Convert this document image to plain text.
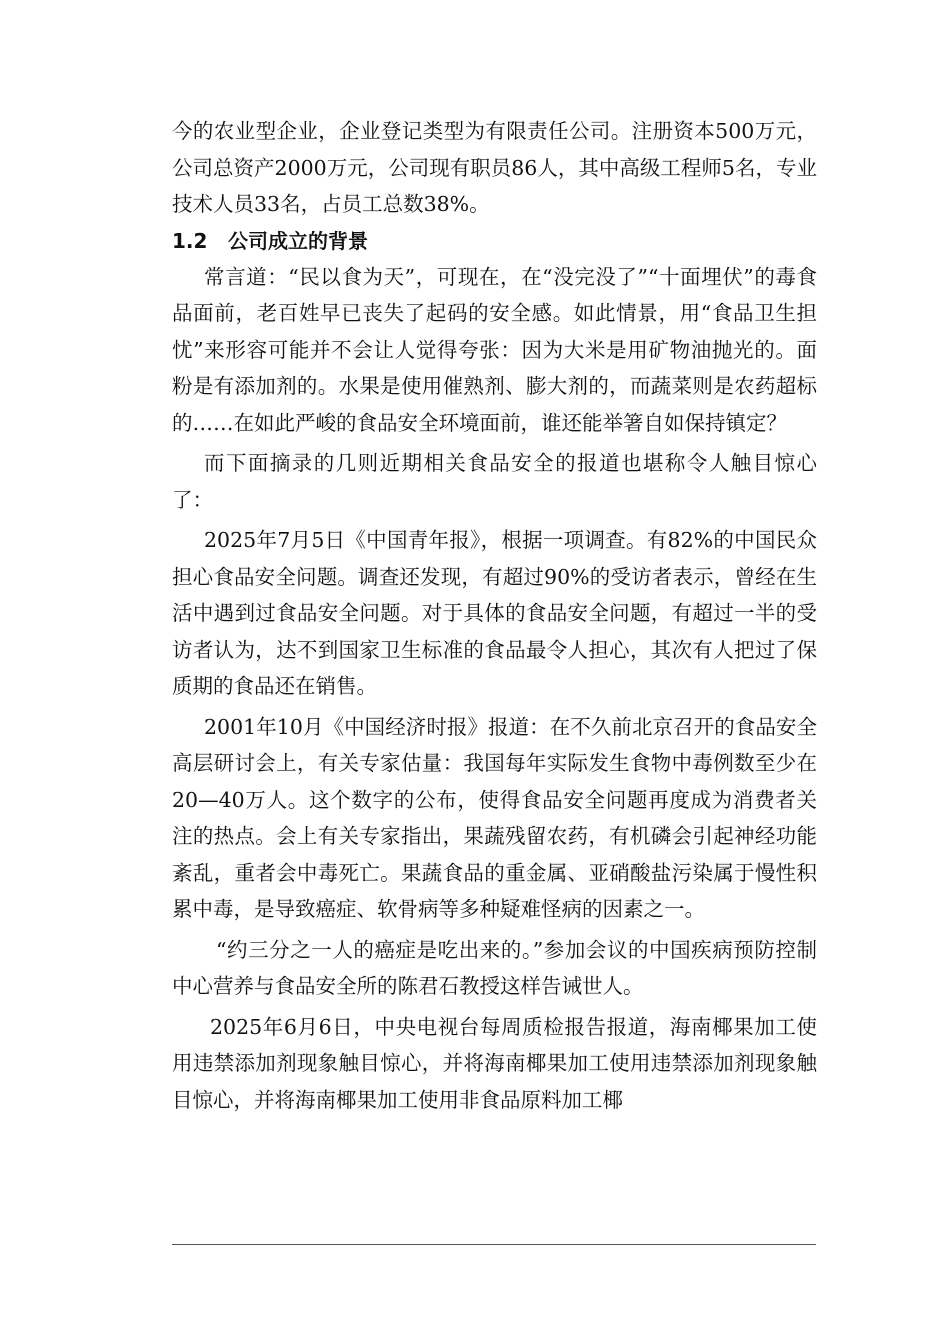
今的农业型企业，企业登记类型为有限责任公司。注册资本500万元，公司总资产2000万元，公司现有职员86人，其中高级工程师5名，专业技术人员33名，占员工总数38%。

1.2 公司成立的背景

常言道：“民以食为天”，可现在，在“没完没了”“十面埋伏”的毒食品面前，老百姓早已丧失了起码的安全感。如此情景，用“食品卫生担忧”来形容可能并不会让人觉得夸张：因为大米是用矿物油抛光的。面粉是有添加剂的。水果是使用催熟剂、膨大剂的，而蔬菜则是农药超标的……在如此严峻的食品安全环境面前，谁还能举箸自如保持镇定？

而下面摘录的几则近期相关食品安全的报道也堪称令人触目惊心了：

2025年7月5日《中国青年报》，根据一项调查。有82%的中国民众担心食品安全问题。调查还发现，有超过90%的受访者表示，曾经在生活中遇到过食品安全问题。对于具体的食品安全问题，有超过一半的受访者认为，达不到国家卫生标准的食品最令人担心，其次有人把过了保质期的食品还在销售。

2001年10月《中国经济时报》报道：在不久前北京召开的食品安全高层研讨会上，有关专家估量：我国每年实际发生食物中毒例数至少在20—40万人。这个数字的公布，使得食品安全问题再度成为消费者关注的热点。会上有关专家指出，果蔬残留农药，有机磷会引起神经功能紊乱，重者会中毒死亡。果蔬食品的重金属、亚硝酸盐污染属于慢性积累中毒，是导致癌症、软骨病等多种疑难怪病的因素之一。

“约三分之一人的癌症是吃出来的。”参加会议的中国疾病预防控制中心营养与食品安全所的陈君石教授这样告诫世人。

2025年6月6日，中央电视台每周质检报告报道，海南椰果加工使用违禁添加剂现象触目惊心，并将海南椰果加工使用违禁添加剂现象触目惊心，并将海南椰果加工使用非食品原料加工椰
